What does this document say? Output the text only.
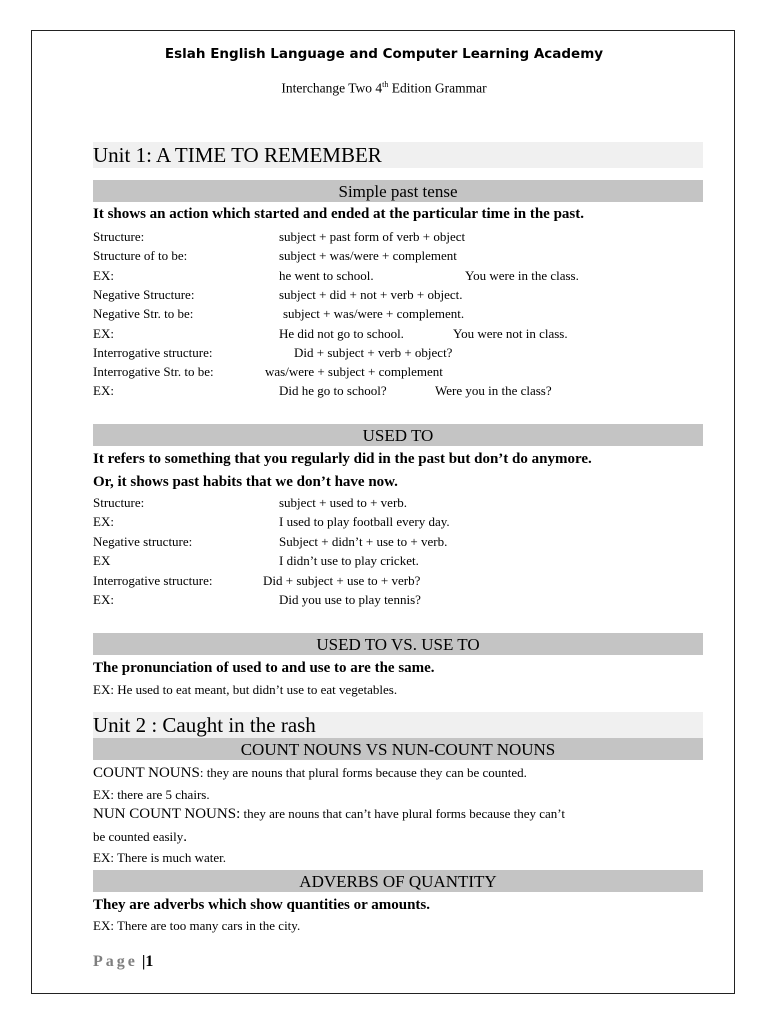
Eslah English Language and Computer Learning Academy
Interchange Two 4th Edition Grammar
Unit 1: A TIME TO REMEMBER
Simple past tense
It shows an action which started and ended at the particular time in the past.
Structure:	subject + past form of verb + object
Structure of to be:	subject + was/were + complement
EX:	he went to school.	You were in the class.
Negative Structure:	subject + did + not + verb + object.
Negative Str. to be:	subject + was/were + complement.
EX:	He did not go to school.	You were not in class.
Interrogative structure:	Did + subject + verb + object?
Interrogative Str. to be:	was/were + subject + complement
EX:	Did he go to school?	Were you in the class?
USED TO
It refers to something that you regularly did in the past but don’t do anymore.
Or, it shows past habits that we don’t have now.
Structure:	subject + used to + verb.
EX:	I used to play football every day.
Negative structure:	Subject + didn’t + use to + verb.
EX	I didn’t use to play cricket.
Interrogative structure:	Did + subject + use to + verb?
EX:	Did you use to play tennis?
USED TO VS. USE TO
The pronunciation of used to and use to are the same.
EX: He used to eat meant, but didn’t use to eat vegetables.
Unit 2 : Caught in the rash
COUNT NOUNS VS NUN-COUNT NOUNS
COUNT NOUNS: they are nouns that plural forms because they can be counted.
EX: there are 5 chairs.
NUN COUNT NOUNS: they are nouns that can’t have plural forms because they can’t
be counted easily.
EX: There is much water.
ADVERBS OF QUANTITY
They are adverbs which show quantities or amounts.
EX: There are too many cars in the city.
Page |1
